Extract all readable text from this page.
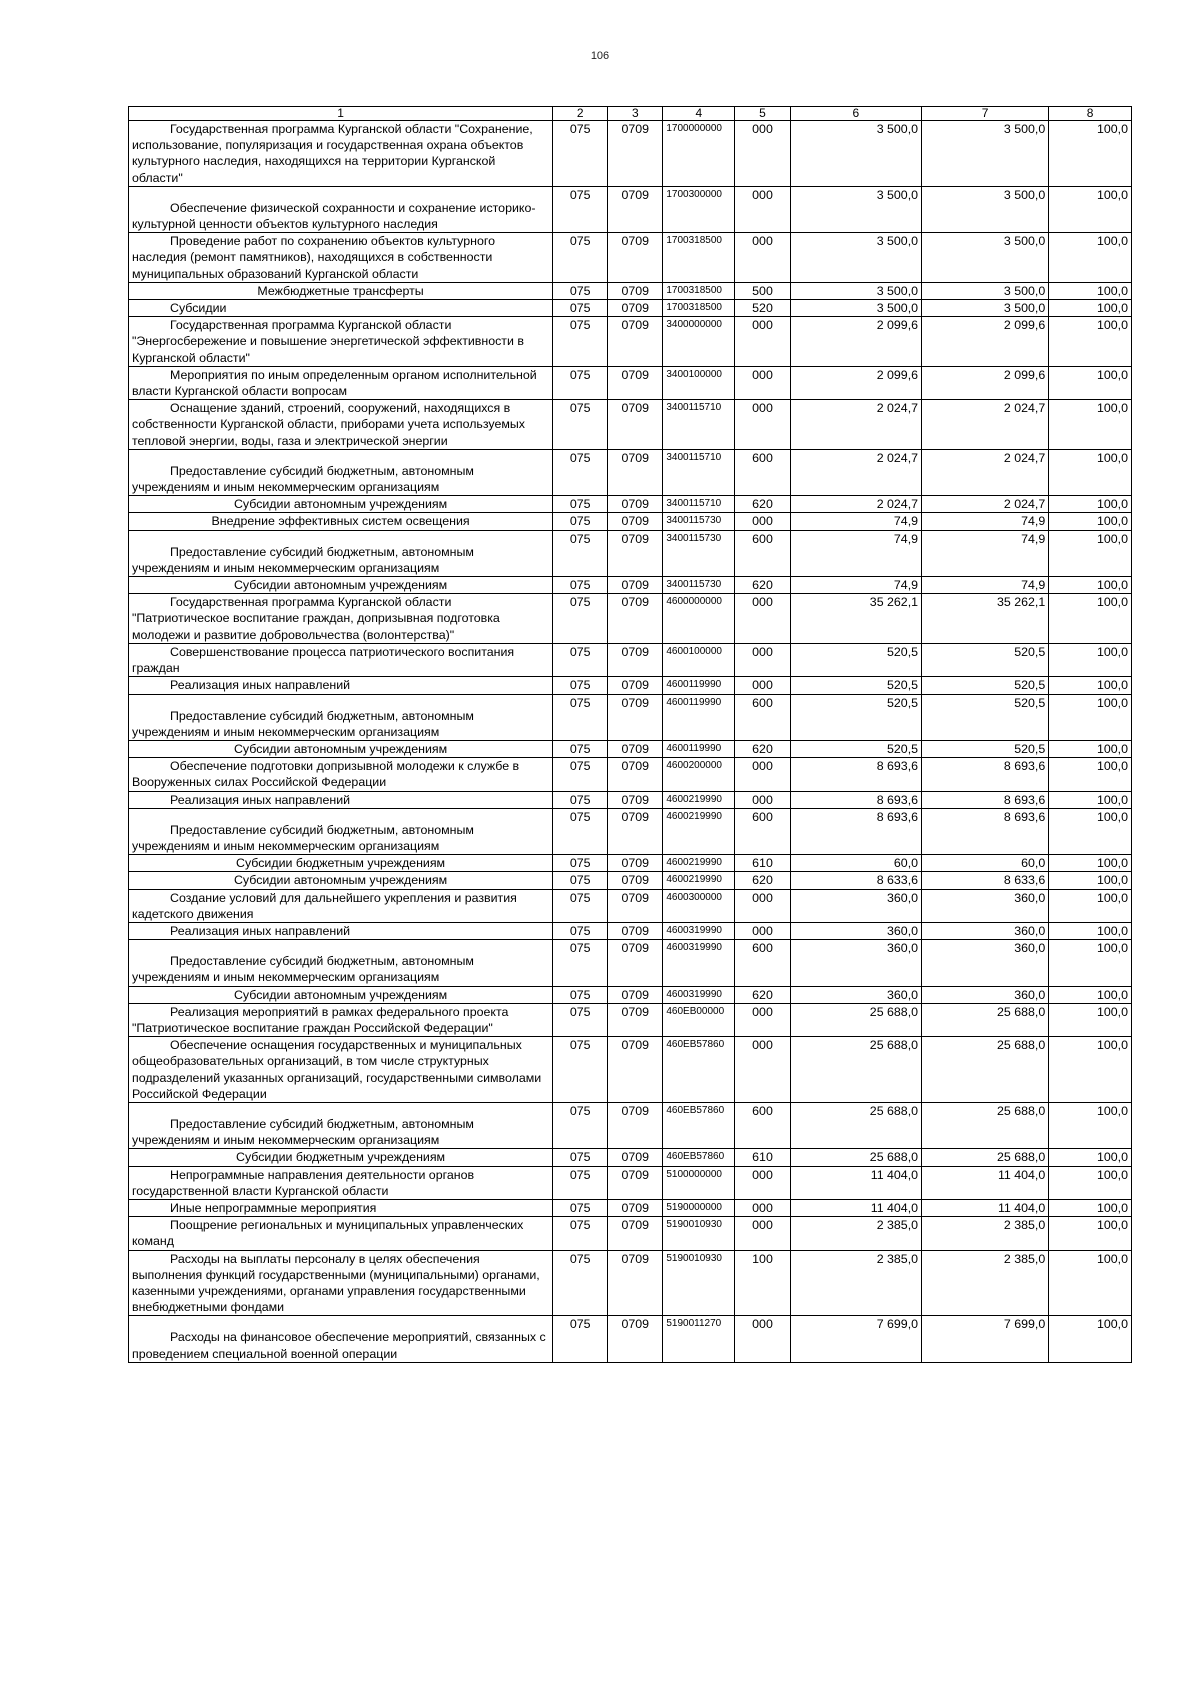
106
1	2	3	4	5	6	7	8
Государственная программа Курганской области "Сохранение, использование, популяризация и государственная охрана объектов культурного наследия, находящихся на территории Курганской области"	075	0709	1700000000	000	3 500,0	3 500,0	100,0
Обеспечение физической сохранности и сохранение историко-культурной ценности объектов культурного наследия	075	0709	1700300000	000	3 500,0	3 500,0	100,0
Проведение работ по сохранению объектов культурного наследия (ремонт памятников), находящихся в собственности муниципальных образований Курганской области	075	0709	1700318500	000	3 500,0	3 500,0	100,0
Межбюджетные трансферты	075	0709	1700318500	500	3 500,0	3 500,0	100,0
Субсидии	075	0709	1700318500	520	3 500,0	3 500,0	100,0
Государственная программа Курганской области "Энергосбережение и повышение энергетической эффективности в Курганской области"	075	0709	3400000000	000	2 099,6	2 099,6	100,0
Мероприятия по иным определенным органом исполнительной власти Курганской области вопросам	075	0709	3400100000	000	2 099,6	2 099,6	100,0
Оснащение зданий, строений, сооружений, находящихся в собственности Курганской области, приборами учета используемых тепловой энергии, воды, газа и электрической энергии	075	0709	3400115710	000	2 024,7	2 024,7	100,0
Предоставление субсидий бюджетным, автономным учреждениям и иным некоммерческим организациям	075	0709	3400115710	600	2 024,7	2 024,7	100,0
Субсидии автономным учреждениям	075	0709	3400115710	620	2 024,7	2 024,7	100,0
Внедрение эффективных систем освещения	075	0709	3400115730	000	74,9	74,9	100,0
Предоставление субсидий бюджетным, автономным учреждениям и иным некоммерческим организациям	075	0709	3400115730	600	74,9	74,9	100,0
Субсидии автономным учреждениям	075	0709	3400115730	620	74,9	74,9	100,0
Государственная программа Курганской области "Патриотическое воспитание граждан, допризывная подготовка молодежи и развитие добровольчества (волонтерства)"	075	0709	4600000000	000	35 262,1	35 262,1	100,0
Совершенствование процесса патриотического воспитания граждан	075	0709	4600100000	000	520,5	520,5	100,0
Реализация иных направлений	075	0709	4600119990	000	520,5	520,5	100,0
Предоставление субсидий бюджетным, автономным учреждениям и иным некоммерческим организациям	075	0709	4600119990	600	520,5	520,5	100,0
Субсидии автономным учреждениям	075	0709	4600119990	620	520,5	520,5	100,0
Обеспечение подготовки допризывной молодежи к службе в Вооруженных силах Российской Федерации	075	0709	4600200000	000	8 693,6	8 693,6	100,0
Реализация иных направлений	075	0709	4600219990	000	8 693,6	8 693,6	100,0
Предоставление субсидий бюджетным, автономным учреждениям и иным некоммерческим организациям	075	0709	4600219990	600	8 693,6	8 693,6	100,0
Субсидии бюджетным учреждениям	075	0709	4600219990	610	60,0	60,0	100,0
Субсидии автономным учреждениям	075	0709	4600219990	620	8 633,6	8 633,6	100,0
Создание условий для дальнейшего укрепления и развития кадетского движения	075	0709	4600300000	000	360,0	360,0	100,0
Реализация иных направлений	075	0709	4600319990	000	360,0	360,0	100,0
Предоставление субсидий бюджетным, автономным учреждениям и иным некоммерческим организациям	075	0709	4600319990	600	360,0	360,0	100,0
Субсидии автономным учреждениям	075	0709	4600319990	620	360,0	360,0	100,0
Реализация мероприятий в рамках федерального проекта "Патриотическое воспитание граждан Российской Федерации"	075	0709	460EB00000	000	25 688,0	25 688,0	100,0
Обеспечение оснащения государственных и муниципальных общеобразовательных организаций, в том числе структурных подразделений указанных организаций, государственными символами Российской Федерации	075	0709	460EB57860	000	25 688,0	25 688,0	100,0
Предоставление субсидий бюджетным, автономным учреждениям и иным некоммерческим организациям	075	0709	460EB57860	600	25 688,0	25 688,0	100,0
Субсидии бюджетным учреждениям	075	0709	460EB57860	610	25 688,0	25 688,0	100,0
Непрограммные направления деятельности органов государственной власти Курганской области	075	0709	5100000000	000	11 404,0	11 404,0	100,0
Иные непрограммные мероприятия	075	0709	5190000000	000	11 404,0	11 404,0	100,0
Поощрение региональных и муниципальных управленческих команд	075	0709	5190010930	000	2 385,0	2 385,0	100,0
Расходы на выплаты персоналу в целях обеспечения выполнения функций государственными (муниципальными) органами, казенными учреждениями, органами управления государственными внебюджетными фондами	075	0709	5190010930	100	2 385,0	2 385,0	100,0
Расходы на финансовое обеспечение мероприятий, связанных с проведением специальной военной операции	075	0709	5190011270	000	7 699,0	7 699,0	100,0
